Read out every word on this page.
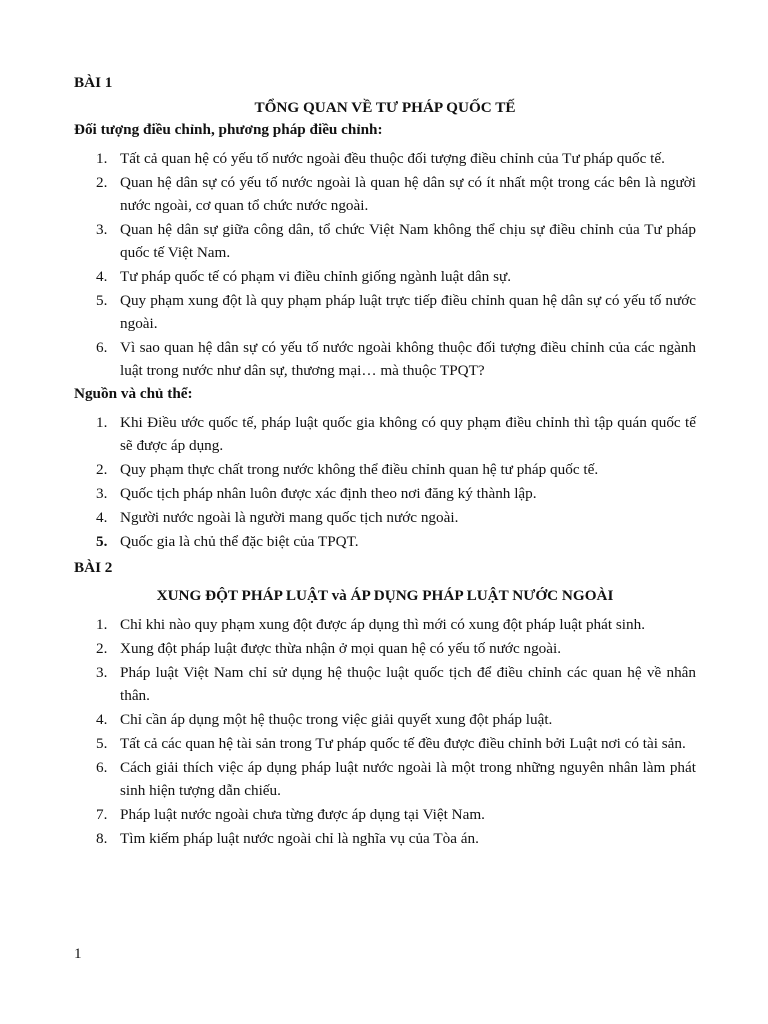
BÀI 1

TỔNG QUAN VỀ TƯ PHÁP QUỐC TẾ

Đối tượng điều chỉnh, phương pháp điều chỉnh:

1. Tất cả quan hệ có yếu tố nước ngoài đều thuộc đối tượng điều chỉnh của Tư pháp quốc tế.
2. Quan hệ dân sự có yếu tố nước ngoài là quan hệ dân sự có ít nhất một trong các bên là người nước ngoài, cơ quan tổ chức nước ngoài.
3. Quan hệ dân sự giữa công dân, tổ chức Việt Nam không thể chịu sự điều chỉnh của Tư pháp quốc tế Việt Nam.
4. Tư pháp quốc tế có phạm vi điều chỉnh giống ngành luật dân sự.
5. Quy phạm xung đột là quy phạm pháp luật trực tiếp điều chỉnh quan hệ dân sự có yếu tố nước ngoài.
6. Vì sao quan hệ dân sự có yếu tố nước ngoài không thuộc đối tượng điều chỉnh của các ngành luật trong nước như dân sự, thương mại… mà thuộc TPQT?

Nguồn và chủ thể:

1. Khi Điều ước quốc tế, pháp luật quốc gia không có quy phạm điều chỉnh thì tập quán quốc tế sẽ được áp dụng.
2. Quy phạm thực chất trong nước không thể điều chỉnh quan hệ tư pháp quốc tế.
3. Quốc tịch pháp nhân luôn được xác định theo nơi đăng ký thành lập.
4. Người nước ngoài là người mang quốc tịch nước ngoài.
5. Quốc gia là chủ thể đặc biệt của TPQT.

BÀI 2

XUNG ĐỘT PHÁP LUẬT và ÁP DỤNG PHÁP LUẬT NƯỚC NGOÀI

1. Chỉ khi nào quy phạm xung đột được áp dụng thì mới có xung đột pháp luật phát sinh.
2. Xung đột pháp luật được thừa nhận ở mọi quan hệ có yếu tố nước ngoài.
3. Pháp luật Việt Nam chỉ sử dụng hệ thuộc luật quốc tịch để điều chỉnh các quan hệ về nhân thân.
4. Chỉ cần áp dụng một hệ thuộc trong việc giải quyết xung đột pháp luật.
5. Tất cả các quan hệ tài sản trong Tư pháp quốc tế đều được điều chỉnh bởi Luật nơi có tài sản.
6. Cách giải thích việc áp dụng pháp luật nước ngoài là một trong những nguyên nhân làm phát sinh hiện tượng dẫn chiếu.
7. Pháp luật nước ngoài chưa từng được áp dụng tại Việt Nam.
8. Tìm kiếm pháp luật nước ngoài chỉ là nghĩa vụ của Tòa án.
1
